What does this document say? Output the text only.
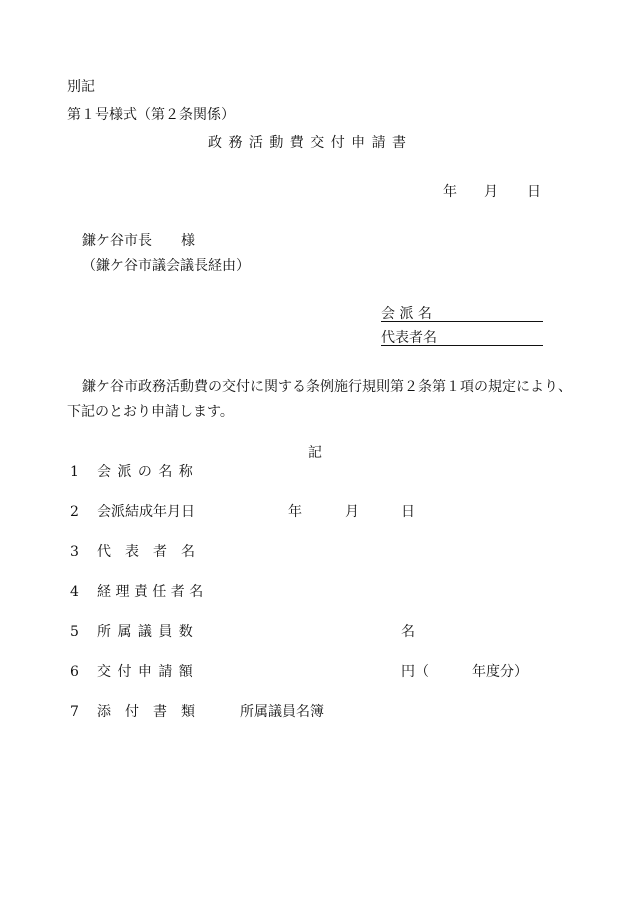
別記
第１号様式（第２条関係）
政 務 活 動 費 交 付 申 請 書
年 月 日
鎌ケ谷市長 様
（鎌ケ谷市議会議長経由）
会 派 名
代表者名
鎌ケ谷市政務活動費の交付に関する条例施行規則第２条第１項の規定により、
下記のとおり申請します。
記
1 会 派 の 名 称
2 会派結成年月日	年	月	日
3 代　表　者　名
4 経 理 責 任 者 名
5 所 属 議 員 数	名
6 交 付 申 請 額	円（	年度分）
7 添　付　書　類	所属議員名簿
